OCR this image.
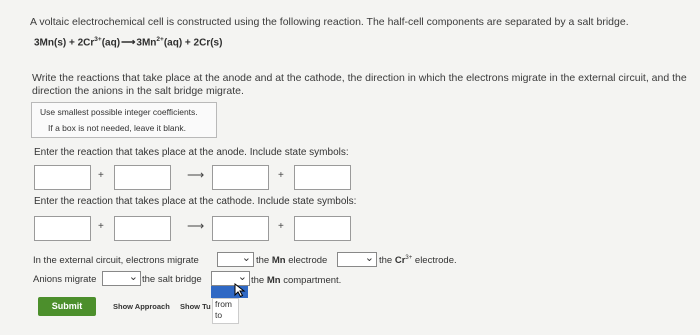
A voltaic electrochemical cell is constructed using the following reaction. The half-cell components are separated by a salt bridge.
$3Mn(s) + 2Cr^{3+}(aq)⟶3Mn^{2+}(aq) + 2Cr(s)$
Write the reactions that take place at the anode and at the cathode, the direction in which the electrons migrate in the external circuit, and the direction the anions in the salt bridge migrate.
Use smallest possible integer coefficients.
If a box is not needed, leave it blank.
Enter the reaction that takes place at the anode. Include state symbols:
+	⟶	+
Enter the reaction that takes place at the cathode. Include state symbols:
+	⟶	+
In the external circuit, electrons migrate	⌄ the Mn electrode	⌄ the $Cr^{3+}$ electrode.
Anions migrate	⌄ the salt bridge	⌄ the Mn compartment.
from
to
Submit	Show Approach Show Tu
